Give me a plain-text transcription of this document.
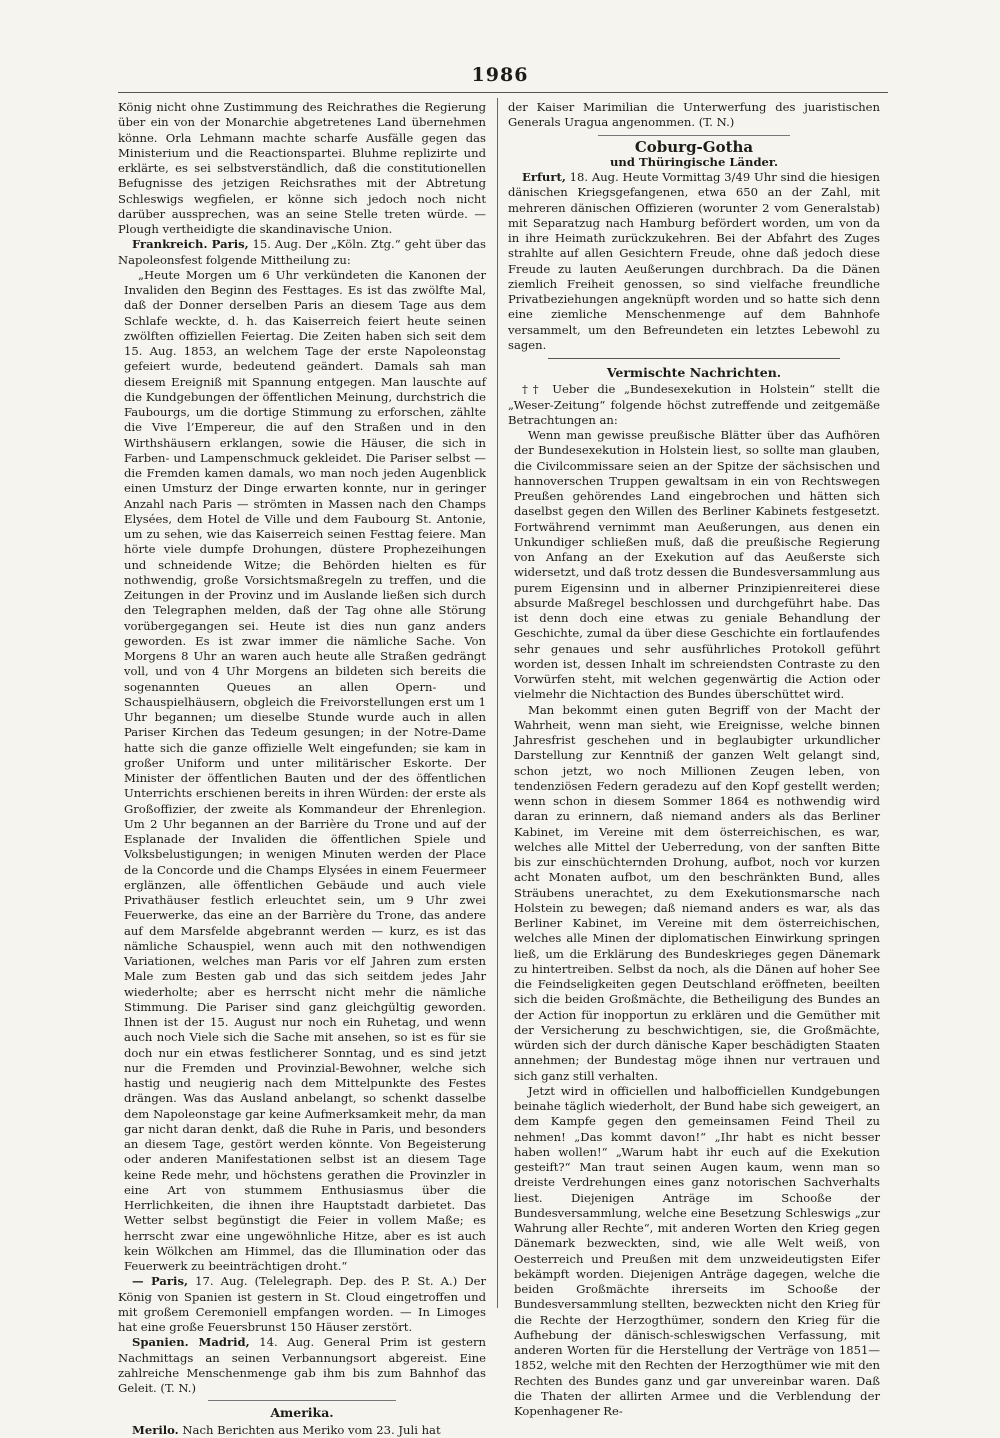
1986

König nicht ohne Zustimmung des Reichrathes die Regierung über ein von der Monarchie abgetretenes Land übernehmen könne. Orla Lehmann machte scharfe Ausfälle gegen das Ministerium und die Reactionspartei. Bluhme replizirte und erklärte, es sei selbstverständlich, daß die constitutionellen Befugnisse des jetzigen Reichsrathes mit der Abtretung Schleswigs wegfielen, er könne sich jedoch noch nicht darüber aussprechen, was an seine Stelle treten würde. — Plough vertheidigte die skandinavische Union.

Frankreich. Paris, 15. Aug. Der „Köln. Ztg.“ geht über das Napoleonsfest folgende Mittheilung zu:

„Heute Morgen um 6 Uhr verkündeten die Kanonen der Invaliden den Beginn des Festtages. Es ist das zwölfte Mal, daß der Donner derselben Paris an diesem Tage aus dem Schlafe weckte, d. h. das Kaiserreich feiert heute seinen zwölften offiziellen Feiertag. Die Zeiten haben sich seit dem 15. Aug. 1853, an welchem Tage der erste Napoleonstag gefeiert wurde, bedeutend geändert. Damals sah man diesem Ereigniß mit Spannung entgegen. Man lauschte auf die Kundgebungen der öffentlichen Meinung, durchstrich die Faubourgs, um die dortige Stimmung zu erforschen, zählte die Vive l’Empereur, die auf den Straßen und in den Wirthshäusern erklangen, sowie die Häuser, die sich in Farben- und Lampenschmuck gekleidet. Die Pariser selbst — die Fremden kamen damals, wo man noch jeden Augenblick einen Umsturz der Dinge erwarten konnte, nur in geringer Anzahl nach Paris — strömten in Massen nach den Champs Elysées, dem Hotel de Ville und dem Faubourg St. Antonie, um zu sehen, wie das Kaiserreich seinen Festtag feiere. Man hörte viele dumpfe Drohungen, düstere Prophezeihungen und schneidende Witze; die Behörden hielten es für nothwendig, große Vorsichtsmaßregeln zu treffen, und die Zeitungen in der Provinz und im Auslande ließen sich durch den Telegraphen melden, daß der Tag ohne alle Störung vorübergegangen sei. Heute ist dies nun ganz anders geworden. Es ist zwar immer die nämliche Sache. Von Morgens 8 Uhr an waren auch heute alle Straßen gedrängt voll, und von 4 Uhr Morgens an bildeten sich bereits die sogenannten Queues an allen Opern- und Schauspielhäusern, obgleich die Freivorstellungen erst um 1 Uhr begannen; um dieselbe Stunde wurde auch in allen Pariser Kirchen das Tedeum gesungen; in der Notre-Dame hatte sich die ganze offizielle Welt eingefunden; sie kam in großer Uniform und unter militärischer Eskorte. Der Minister der öffentlichen Bauten und der des öffentlichen Unterrichts erschienen bereits in ihren Würden: der erste als Großoffizier, der zweite als Kommandeur der Ehrenlegion. Um 2 Uhr begannen an der Barrière du Trone und auf der Esplanade der Invaliden die öffentlichen Spiele und Volksbelustigungen; in wenigen Minuten werden der Place de la Concorde und die Champs Elysées in einem Feuermeer erglänzen, alle öffentlichen Gebäude und auch viele Privathäuser festlich erleuchtet sein, um 9 Uhr zwei Feuerwerke, das eine an der Barrière du Trone, das andere auf dem Marsfelde abgebrannt werden — kurz, es ist das nämliche Schauspiel, wenn auch mit den nothwendigen Variationen, welches man Paris vor elf Jahren zum ersten Male zum Besten gab und das sich seitdem jedes Jahr wiederholte; aber es herrscht nicht mehr die nämliche Stimmung. Die Pariser sind ganz gleichgültig geworden. Ihnen ist der 15. August nur noch ein Ruhetag, und wenn auch noch Viele sich die Sache mit ansehen, so ist es für sie doch nur ein etwas festlicherer Sonntag, und es sind jetzt nur die Fremden und Provinzial-Bewohner, welche sich hastig und neugierig nach dem Mittelpunkte des Festes drängen. Was das Ausland anbelangt, so schenkt dasselbe dem Napoleonstage gar keine Aufmerksamkeit mehr, da man gar nicht daran denkt, daß die Ruhe in Paris, und besonders an diesem Tage, gestört werden könnte. Von Begeisterung oder anderen Manifestationen selbst ist an diesem Tage keine Rede mehr, und höchstens gerathen die Provinzler in eine Art von stummem Enthusiasmus über die Herrlichkeiten, die ihnen ihre Hauptstadt darbietet. Das Wetter selbst begünstigt die Feier in vollem Maße; es herrscht zwar eine ungewöhnliche Hitze, aber es ist auch kein Wölkchen am Himmel, das die Illumination oder das Feuerwerk zu beeinträchtigen droht.“

— Paris, 17. Aug. (Telelegraph. Dep. des P. St. A.) Der König von Spanien ist gestern in St. Cloud eingetroffen und mit großem Ceremoniell empfangen worden. — In Limoges hat eine große Feuersbrunst 150 Häuser zerstört.

Spanien. Madrid, 14. Aug. General Prim ist gestern Nachmittags an seinen Verbannungsort abgereist. Eine zahlreiche Menschenmenge gab ihm bis zum Bahnhof das Geleit. (T. N.)

Amerika.

Merilo. Nach Berichten aus Meriko vom 23. Juli hat

der Kaiser Marimilian die Unterwerfung des juaristischen Generals Uragua angenommen. (T. N.)

Coburg-Gotha

und Thüringische Länder.

Erfurt, 18. Aug. Heute Vormittag 3/49 Uhr sind die hiesigen dänischen Kriegsgefangenen, etwa 650 an der Zahl, mit mehreren dänischen Offizieren (worunter 2 vom Generalstab) mit Separatzug nach Hamburg befördert worden, um von da in ihre Heimath zurückzukehren. Bei der Abfahrt des Zuges strahlte auf allen Gesichtern Freude, ohne daß jedoch diese Freude zu lauten Aeußerungen durchbrach. Da die Dänen ziemlich Freiheit genossen, so sind vielfache freundliche Privatbeziehungen angeknüpft worden und so hatte sich denn eine ziemliche Menschenmenge auf dem Bahnhofe versammelt, um den Befreundeten ein letztes Lebewohl zu sagen.

Vermischte Nachrichten.

†† Ueber die „Bundesexekution in Holstein“ stellt die „Weser-Zeitung“ folgende höchst zutreffende und zeitgemäße Betrachtungen an:

Wenn man gewisse preußische Blätter über das Aufhören der Bundesexekution in Holstein liest, so sollte man glauben, die Civilcommissare seien an der Spitze der sächsischen und hannoverschen Truppen gewaltsam in ein von Rechtswegen Preußen gehörendes Land eingebrochen und hätten sich daselbst gegen den Willen des Berliner Kabinets festgesetzt. Fortwährend vernimmt man Aeußerungen, aus denen ein Unkundiger schließen muß, daß die preußische Regierung von Anfang an der Exekution auf das Aeußerste sich widersetzt, und daß trotz dessen die Bundesversammlung aus purem Eigensinn und in alberner Prinzipienreiterei diese absurde Maßregel beschlossen und durchgeführt habe. Das ist denn doch eine etwas zu geniale Behandlung der Geschichte, zumal da über diese Geschichte ein fortlaufendes sehr genaues und sehr ausführliches Protokoll geführt worden ist, dessen Inhalt im schreiendsten Contraste zu den Vorwürfen steht, mit welchen gegenwärtig die Action oder vielmehr die Nichtaction des Bundes überschüttet wird.

Man bekommt einen guten Begriff von der Macht der Wahrheit, wenn man sieht, wie Ereignisse, welche binnen Jahresfrist geschehen und in beglaubigter urkundlicher Darstellung zur Kenntniß der ganzen Welt gelangt sind, schon jetzt, wo noch Millionen Zeugen leben, von tendenziösen Federn geradezu auf den Kopf gestellt werden; wenn schon in diesem Sommer 1864 es nothwendig wird daran zu erinnern, daß niemand anders als das Berliner Kabinet, im Vereine mit dem österreichischen, es war, welches alle Mittel der Ueberredung, von der sanften Bitte bis zur einschüchternden Drohung, aufbot, noch vor kurzen acht Monaten aufbot, um den beschränkten Bund, alles Sträubens unerachtet, zu dem Exekutionsmarsche nach Holstein zu bewegen; daß niemand anders es war, als das Berliner Kabinet, im Vereine mit dem österreichischen, welches alle Minen der diplomatischen Einwirkung springen ließ, um die Erklärung des Bundeskrieges gegen Dänemark zu hintertreiben. Selbst da noch, als die Dänen auf hoher See die Feindseligkeiten gegen Deutschland eröffneten, beeilten sich die beiden Großmächte, die Betheiligung des Bundes an der Action für inopportun zu erklären und die Gemüther mit der Versicherung zu beschwichtigen, sie, die Großmächte, würden sich der durch dänische Kaper beschädigten Staaten annehmen; der Bundestag möge ihnen nur vertrauen und sich ganz still verhalten.

Jetzt wird in officiellen und halbofficiellen Kundgebungen beinahe täglich wiederholt, der Bund habe sich geweigert, an dem Kampfe gegen den gemeinsamen Feind Theil zu nehmen! „Das kommt davon!“ „Ihr habt es nicht besser haben wollen!“ „Warum habt ihr euch auf die Exekution gesteift?“ Man traut seinen Augen kaum, wenn man so dreiste Verdrehungen eines ganz notorischen Sachverhalts liest. Diejenigen Anträge im Schooße der Bundesversammlung, welche eine Besetzung Schleswigs „zur Wahrung aller Rechte“, mit anderen Worten den Krieg gegen Dänemark bezweckten, sind, wie alle Welt weiß, von Oesterreich und Preußen mit dem unzweideutigsten Eifer bekämpft worden. Diejenigen Anträge dagegen, welche die beiden Großmächte ihrerseits im Schooße der Bundesversammlung stellten, bezweckten nicht den Krieg für die Rechte der Herzogthümer, sondern den Krieg für die Aufhebung der dänisch-schleswigschen Verfassung, mit anderen Worten für die Herstellung der Verträge von 1851—1852, welche mit den Rechten der Herzogthümer wie mit den Rechten des Bundes ganz und gar unvereinbar waren. Daß die Thaten der allirten Armee und die Verblendung der Kopenhagener Re-
